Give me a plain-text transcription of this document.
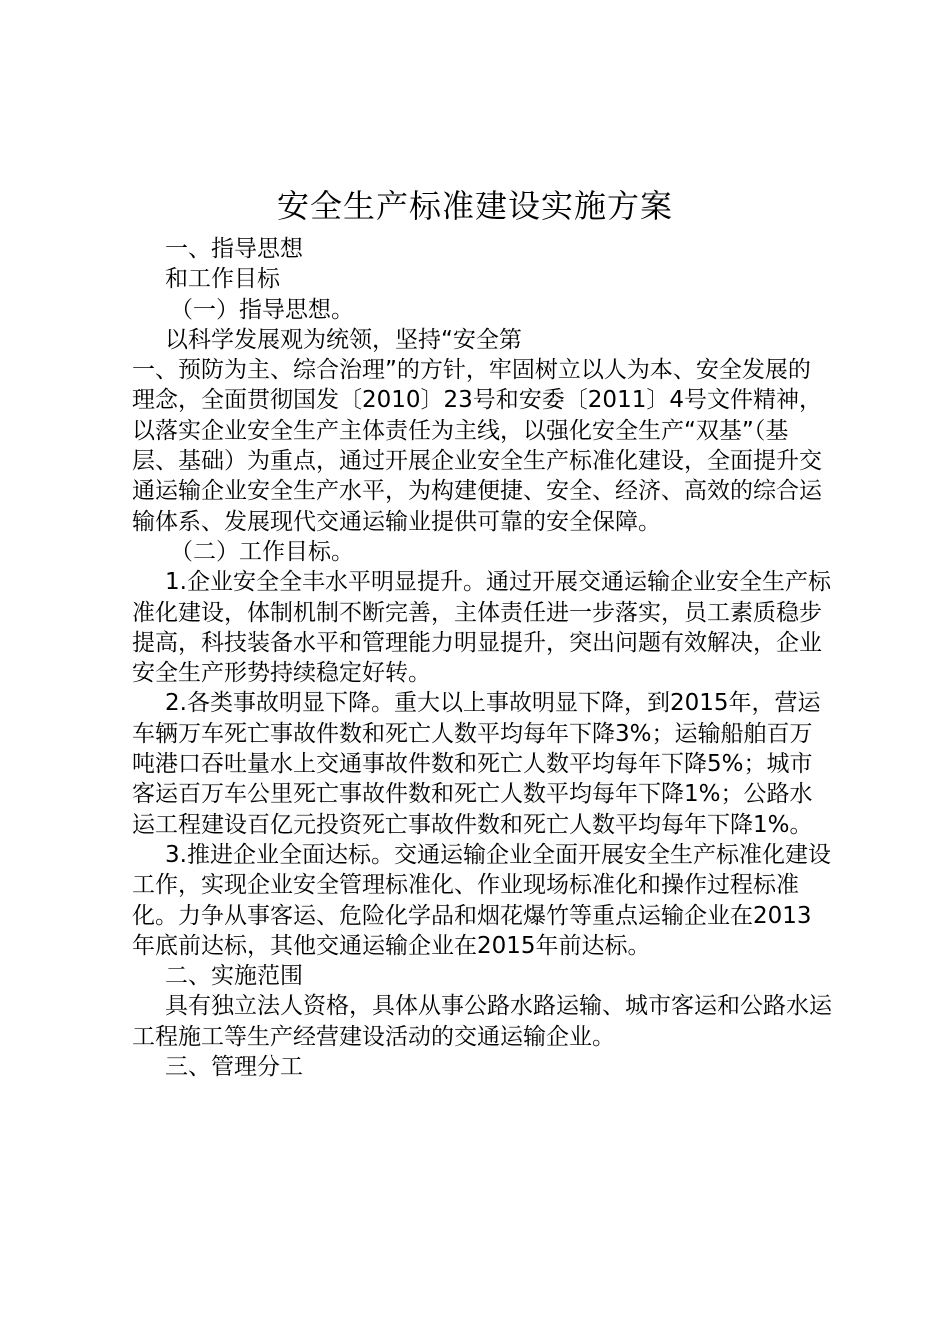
安全生产标准建设实施方案

一、指导思想

和工作目标

（一）指导思想。

以科学发展观为统领，坚持“安全第

一、预防为主、综合治理”的方针，牢固树立以人为本、安全发展的理念，全面贯彻国发〔2010〕23号和安委〔2011〕4号文件精神，以落实企业安全生产主体责任为主线，以强化安全生产“双基”（基层、基础）为重点，通过开展企业安全生产标准化建设，全面提升交通运输企业安全生产水平，为构建便捷、安全、经济、高效的综合运输体系、发展现代交通运输业提供可靠的安全保障。

（二）工作目标。

1.企业安全全丰水平明显提升。通过开展交通运输企业安全生产标准化建设，体制机制不断完善，主体责任进一步落实，员工素质稳步提高，科技装备水平和管理能力明显提升，突出问题有效解决，企业安全生产形势持续稳定好转。

2.各类事故明显下降。重大以上事故明显下降，到2015年，营运车辆万车死亡事故件数和死亡人数平均每年下降3%；运输船舶百万吨港口吞吐量水上交通事故件数和死亡人数平均每年下降5%；城市客运百万车公里死亡事故件数和死亡人数平均每年下降1%；公路水运工程建设百亿元投资死亡事故件数和死亡人数平均每年下降1%。

3.推进企业全面达标。交通运输企业全面开展安全生产标准化建设工作，实现企业安全管理标准化、作业现场标准化和操作过程标准化。力争从事客运、危险化学品和烟花爆竹等重点运输企业在2013年底前达标，其他交通运输企业在2015年前达标。

二、实施范围

具有独立法人资格，具体从事公路水路运输、城市客运和公路水运工程施工等生产经营建设活动的交通运输企业。

三、管理分工
